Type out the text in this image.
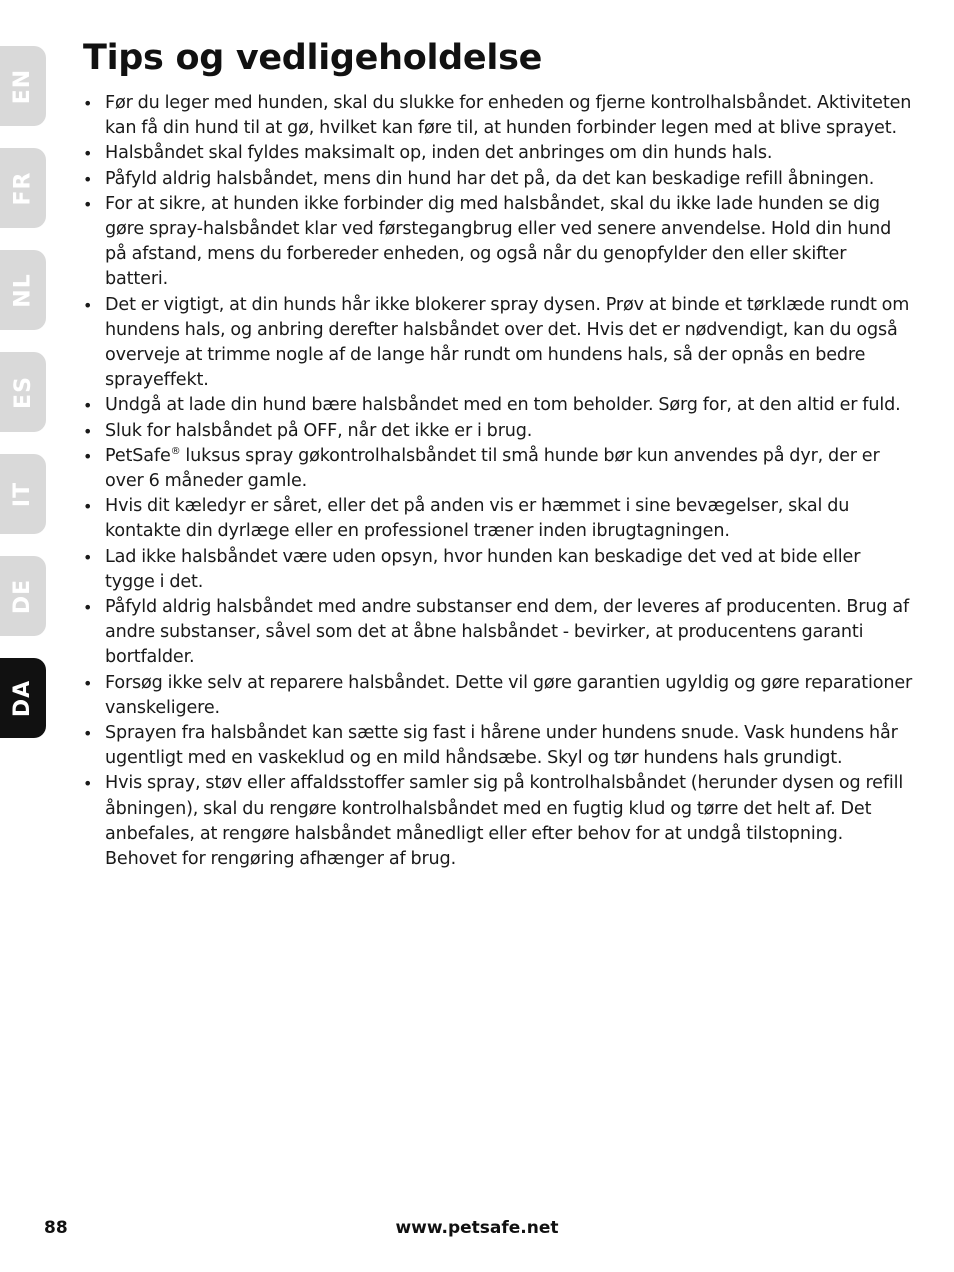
EN
FR
NL
ES
IT
DE
DA
Tips og vedligeholdelse
• Før du leger med hunden, skal du slukke for enheden og fjerne kontrolhalsbåndet. Aktiviteten kan få din hund til at gø, hvilket kan føre til, at hunden forbinder legen med at blive sprayet.
• Halsbåndet skal fyldes maksimalt op, inden det anbringes om din hunds hals.
• Påfyld aldrig halsbåndet, mens din hund har det på, da det kan beskadige refill åbningen.
• For at sikre, at hunden ikke forbinder dig med halsbåndet, skal du ikke lade hunden se dig gøre spray-halsbåndet klar ved førstegangbrug eller ved senere anvendelse. Hold din hund på afstand, mens du forbereder enheden, og også når du genopfylder den eller skifter batteri.
• Det er vigtigt, at din hunds hår ikke blokerer spray dysen. Prøv at binde et tørklæde rundt om hundens hals, og anbring derefter halsbåndet over det. Hvis det er nødvendigt, kan du også overveje at trimme nogle af de lange hår rundt om hundens hals, så der opnås en bedre sprayeffekt.
• Undgå at lade din hund bære halsbåndet med en tom beholder. Sørg for, at den altid er fuld.
• Sluk for halsbåndet på OFF, når det ikke er i brug.
• PetSafe® luksus spray gøkontrolhalsbåndet til små hunde bør kun anvendes på dyr, der er over 6 måneder gamle.
• Hvis dit kæledyr er såret, eller det på anden vis er hæmmet i sine bevægelser, skal du kontakte din dyrlæge eller en professionel træner inden ibrugtagningen.
• Lad ikke halsbåndet være uden opsyn, hvor hunden kan beskadige det ved at bide eller tygge i det.
• Påfyld aldrig halsbåndet med andre substanser end dem, der leveres af producenten. Brug af andre substanser, såvel som det at åbne halsbåndet - bevirker, at producentens garanti bortfalder.
• Forsøg ikke selv at reparere halsbåndet. Dette vil gøre garantien ugyldig og gøre reparationer vanskeligere.
• Sprayen fra halsbåndet kan sætte sig fast i hårene under hundens snude. Vask hundens hår ugentligt med en vaskeklud og en mild håndsæbe. Skyl og tør hundens hals grundigt.
• Hvis spray, støv eller affaldsstoffer samler sig på kontrolhalsbåndet (herunder dysen og refill åbningen), skal du rengøre kontrolhalsbåndet med en fugtig klud og tørre det helt af. Det anbefales, at rengøre halsbåndet månedligt eller efter behov for at undgå tilstopning. Behovet for rengøring afhænger af brug.
www.petsafe.net
88
